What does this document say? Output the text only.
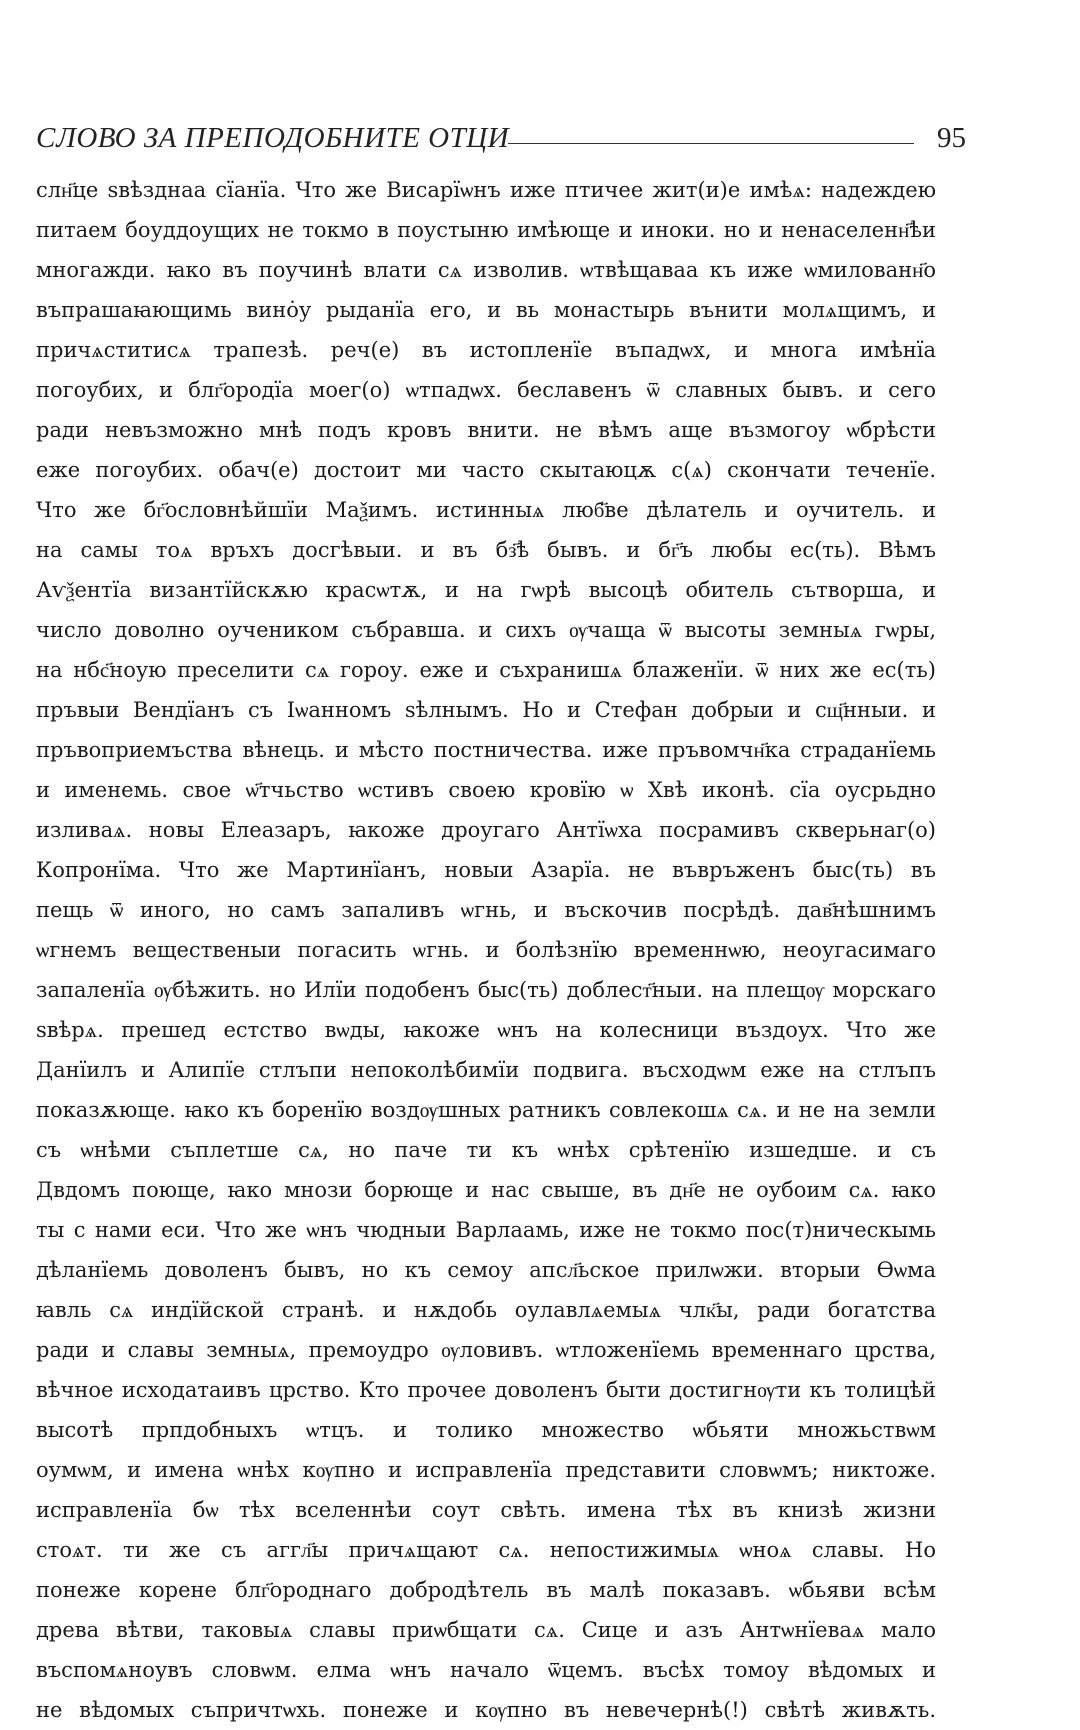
СЛОВО ЗА ПРЕПОДОБНИТЕ ОТЦИ	95
слн҃це ѕвѣзднаа сїанїа. Что же Висарїѡнъ иже птичее жит(и)е имѣѧ: надеждею
питаем боуддоущих не токмо в поустыню имѣюще и иноки. но и ненаселенн҃ѣи
многажди. ꙗко въ поучинѣ влати сѧ изволив. ѡтвѣщаваа къ иже ѡмилованн҃о
въпрашаꙗющимь вино̇у рыданїа его, и вь монастырь вънити молѧщимъ, и
причѧститисѧ трапезѣ. реч(е) въ истопленїе въпадѡх, и многа имѣнїа
погоубих, и блг҃ородїа моег(о) ѡтпадѡх. беславенъ ѿ славных бывъ. и сего
ради невъзможно мнѣ подъ кровъ внити. не вѣмъ аще възмогоу ѡбрѣсти
еже погоубих. обач(е) достоит ми часто скытаюцѫ с(ѧ) скончати теченїе.
Что же бг҃ословнѣйшїи Маѯимъ. истинныѧ люб҃ве дѣлатель и оучитель. и
на самы тоѧ връхъ досгѣвыи. и въ бз҃ѣ бывъ. и бг҃ъ любы ес(ть). Вѣмъ
Аѵѯентїа византїйскѫю красѡтѫ, и на гѡрѣ высоцѣ обитель сътворша, и
число доволно оучеником събравша. и сихъ ѹчаща ѿ высоты земныѧ гѡры,
на нбс҃ноую преселити сѧ гороу. еже и съхранишѧ блаженїи. ѿ них же ес(ть)
пръвыи Вендїанъ съ Iѡанномъ ѕѣлнымъ. Но и Стефан добрыи и сщ҃нныи. и
пръвоприемъства вѣнець. и мѣсто постничества. иже пръвомчн҃ка страданїемь
и именемь. свое ѡ҃тчьство ѡстивъ своею кровїю ѡ Хвѣ иконѣ. сїа оусрьдно
изливаѧ. новы Елеазаръ, ꙗкоже дроугаго Антїѡха посрамивъ скверьнаг(о)
Копронїма. Что же Мартинїанъ, новыи Азарїа. не въвръженъ быс(ть) въ
пещь ѿ иного, но самъ запаливъ ѡгнь, и въскочив посрѣдѣ. дав҃нѣшнимъ
ѡгнемъ вещественыи погасить ѡгнь. и болѣзнїю временнѡю, неоугасимаго
запаленїа ѹбѣжить. но Илїи подобенъ быс(ть) доблест҃ныи. на плещѹ морскаго
ѕвѣрѧ. прешед естство вѡды, ꙗкоже ѡнъ на колесници въздоух. Что же
Данїилъ и Алипїе стлъпи непоколѣбимїи подвига. въсходѡм еже на стлъпъ
показѫюще. ꙗко къ боренїю воздѹшных ратникъ совлекошѧ сѧ. и не на земли
съ ѡнѣми съплетше сѧ, но паче ти къ ѡнѣх срѣтенїю изшедше. и съ
Двдомъ поюще, ꙗко мнози борюще и нас свыше, въ дн҃е не оубоим сѧ. ꙗко
ты с нами еси. Что же ѡнъ чюдныи Варлаамь, иже не токмо пос(т)ническымь
дѣланїемь доволенъ бывъ, но къ семоу апсл҃ьское прилѡжи. вторыи Ѳѡма
ꙗвль сѧ индїйской странѣ. и нѫдобь оулавлѧемыѧ члк҃ы, ради богатства
ради и славы земныѧ, премоудро ѹловивъ. ѡтложенїемь временнаго црства,
вѣчное исходатаивъ црство. Кто прочее доволенъ быти достигнѹти къ толицѣй
высотѣ прпдобныхъ ѡтцъ. и толико множество ѡбьяти множьствѡм
оумѡм, и имена ѡнѣх кѹпно и исправленїа представити словѡмъ; никтоже.
исправленїа бѡ тѣх вселеннѣи соут свѣть. имена тѣх въ книзѣ жизни
стоѧт. ти же съ аггл҃ы причѧщают сѧ. непостижимыѧ ѡноѧ славы. Но
понеже корене блг҃ороднаго добродѣтель въ малѣ показавъ. ѡбьяви всѣм
древа вѣтви, таковыѧ славы приѡбщати сѧ. Сице и азъ Антѡнїеваѧ мало
въспомѧноувъ словѡм. елма ѡнъ начало ѿцемъ. въсѣх томоу вѣдомых и
не вѣдомых съпричтѡхь. понеже и кѹпно въ невечернѣ(!) свѣтѣ живѫть.
